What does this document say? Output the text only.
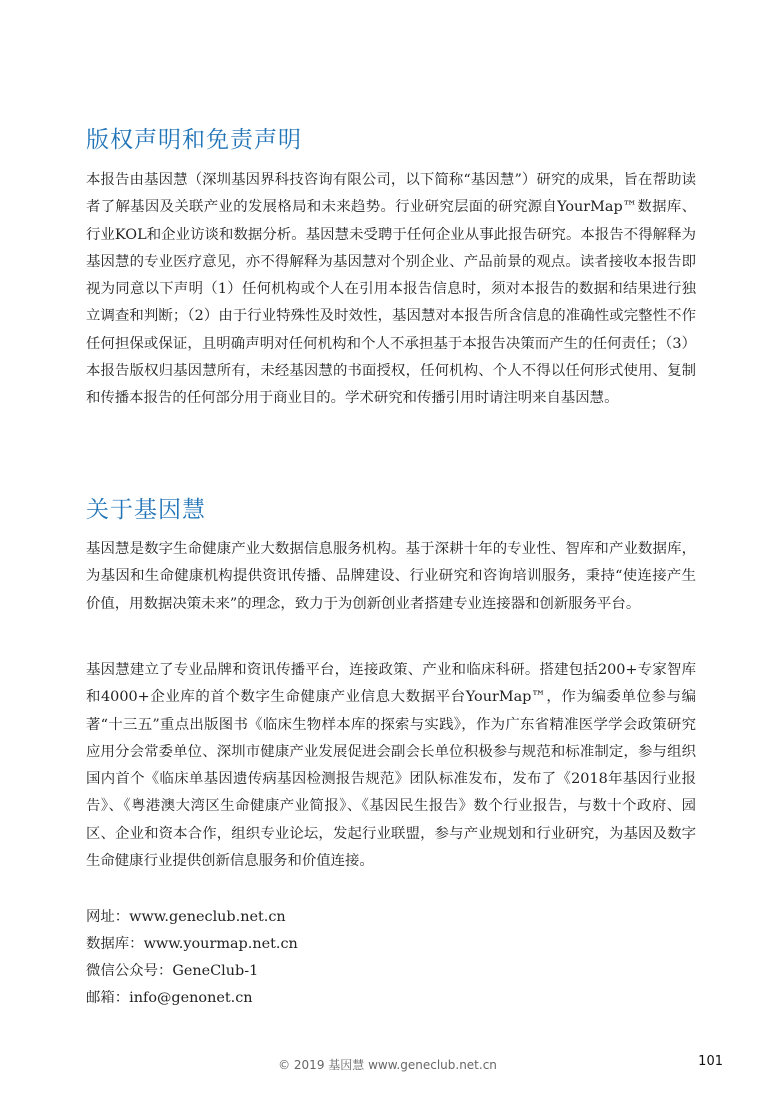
版权声明和免责声明

本报告由基因慧（深圳基因界科技咨询有限公司，以下简称“基因慧”）研究的成果，旨在帮助读者了解基因及关联产业的发展格局和未来趋势。行业研究层面的研究源自YourMap™数据库、行业KOL和企业访谈和数据分析。基因慧未受聘于任何企业从事此报告研究。本报告不得解释为基因慧的专业医疗意见，亦不得解释为基因慧对个别企业、产品前景的观点。读者接收本报告即视为同意以下声明（1）任何机构或个人在引用本报告信息时，须对本报告的数据和结果进行独立调查和判断；（2）由于行业特殊性及时效性，基因慧对本报告所含信息的准确性或完整性不作任何担保或保证，且明确声明对任何机构和个人不承担基于本报告决策而产生的任何责任；（3）本报告版权归基因慧所有，未经基因慧的书面授权，任何机构、个人不得以任何形式使用、复制和传播本报告的任何部分用于商业目的。学术研究和传播引用时请注明来自基因慧。

关于基因慧

基因慧是数字生命健康产业大数据信息服务机构。基于深耕十年的专业性、智库和产业数据库，为基因和生命健康机构提供资讯传播、品牌建设、行业研究和咨询培训服务，秉持“使连接产生价值，用数据决策未来”的理念，致力于为创新创业者搭建专业连接器和创新服务平台。

基因慧建立了专业品牌和资讯传播平台，连接政策、产业和临床科研。搭建包括200+专家智库和4000+企业库的首个数字生命健康产业信息大数据平台YourMap™，作为编委单位参与编著“十三五”重点出版图书《临床生物样本库的探索与实践》，作为广东省精准医学学会政策研究应用分会常委单位、深圳市健康产业发展促进会副会长单位积极参与规范和标准制定，参与组织国内首个《临床单基因遗传病基因检测报告规范》团队标准发布，发布了《2018年基因行业报告》、《粤港澳大湾区生命健康产业简报》、《基因民生报告》数个行业报告，与数十个政府、园区、企业和资本合作，组织专业论坛，发起行业联盟，参与产业规划和行业研究，为基因及数字生命健康行业提供创新信息服务和价值连接。

网址：www.geneclub.net.cn
数据库：www.yourmap.net.cn
微信公众号：GeneClub-1
邮箱：info@genonet.cn
© 2019 基因慧 www.geneclub.net.cn	101
